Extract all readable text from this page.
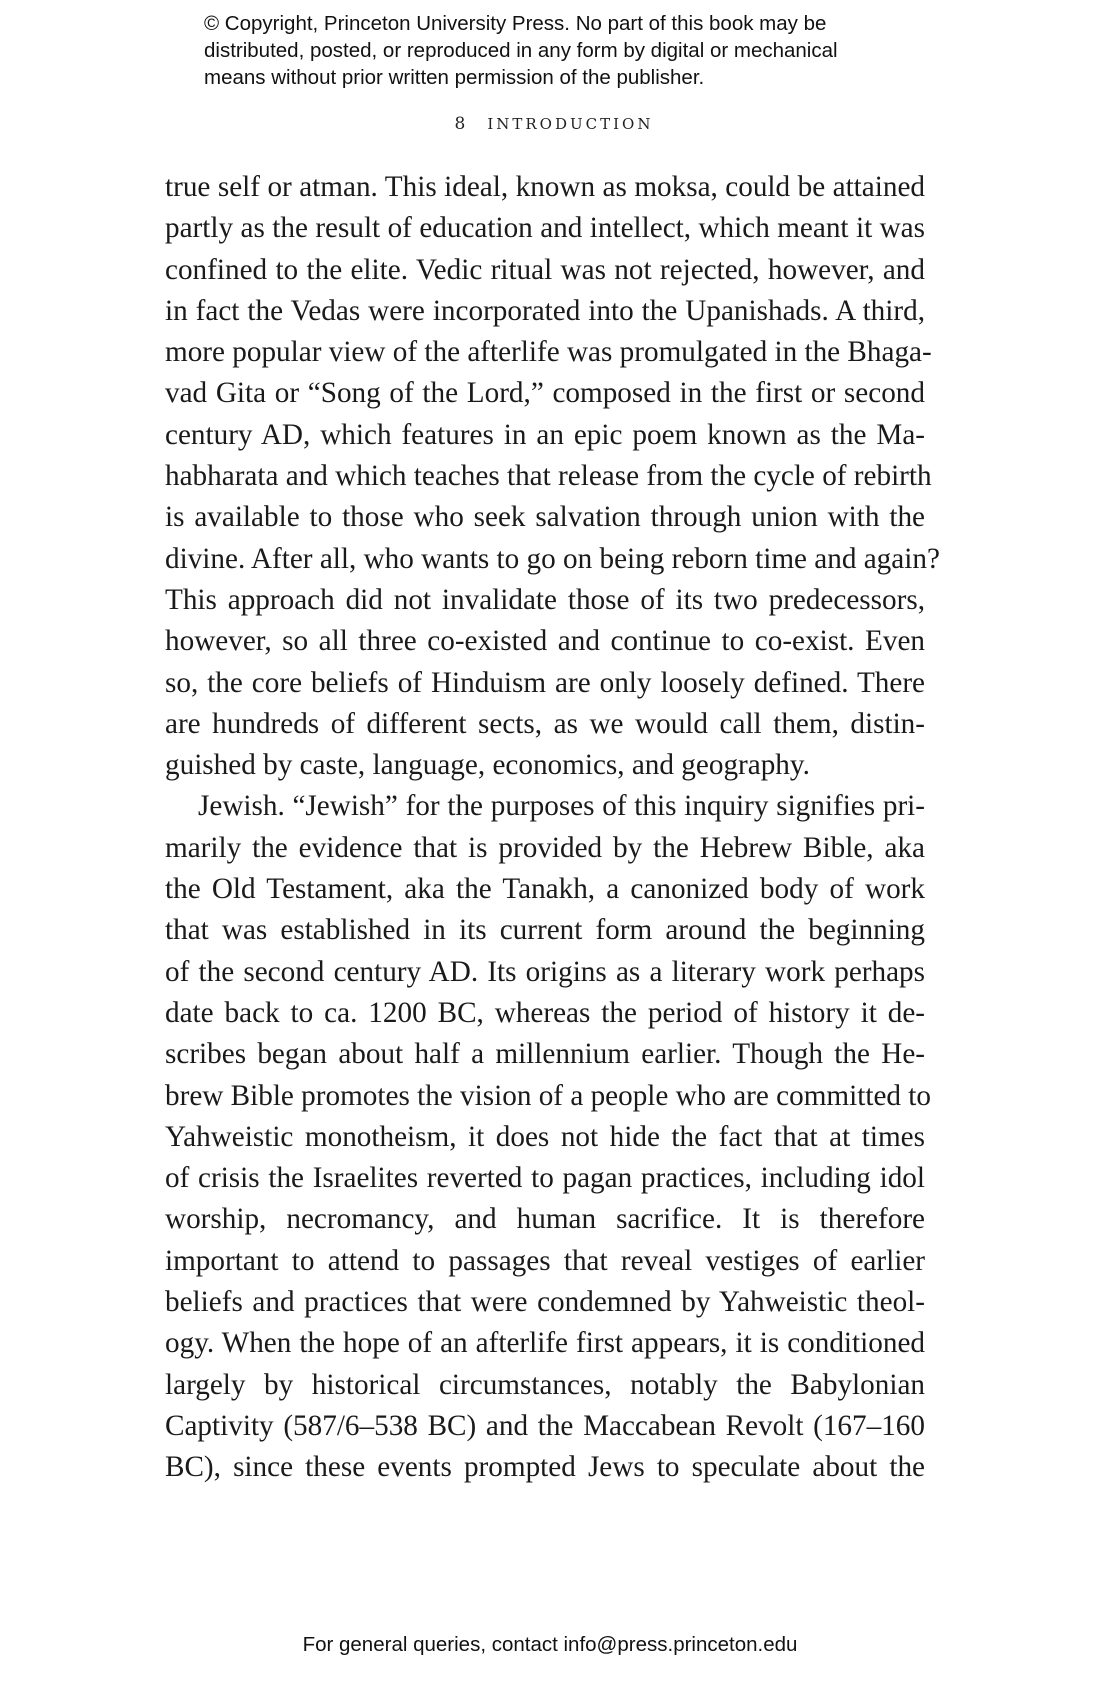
© Copyright, Princeton University Press. No part of this book may be
distributed, posted, or reproduced in any form by digital or mechanical
means without prior written permission of the publisher.
8 INTRODUCTION
true self or atman. This ideal, known as moksa, could be attained
partly as the result of education and intellect, which meant it was
confined to the elite. Vedic ritual was not rejected, however, and
in fact the Vedas were incorporated into the Upanishads. A third,
more popular view of the afterlife was promulgated in the Bhaga-
vad Gita or “Song of the Lord,” composed in the first or second
century AD, which features in an epic poem known as the Ma-
habharata and which teaches that release from the cycle of rebirth
is available to those who seek salvation through union with the
divine. After all, who wants to go on being reborn time and again?
This approach did not invalidate those of its two predecessors,
however, so all three co-existed and continue to co-exist. Even
so, the core beliefs of Hinduism are only loosely defined. There
are hundreds of different sects, as we would call them, distin-
guished by caste, language, economics, and geography.
Jewish. “Jewish” for the purposes of this inquiry signifies pri-
marily the evidence that is provided by the Hebrew Bible, aka
the Old Testament, aka the Tanakh, a canonized body of work
that was established in its current form around the beginning
of the second century AD. Its origins as a literary work perhaps
date back to ca. 1200 BC, whereas the period of history it de-
scribes began about half a millennium earlier. Though the He-
brew Bible promotes the vision of a people who are committed to
Yahweistic monotheism, it does not hide the fact that at times
of crisis the Israelites reverted to pagan practices, including idol
worship, necromancy, and human sacrifice. It is therefore
important to attend to passages that reveal vestiges of earlier
beliefs and practices that were condemned by Yahweistic theol-
ogy. When the hope of an afterlife first appears, it is conditioned
largely by historical circumstances, notably the Babylonian
Captivity (587/6–538 BC) and the Maccabean Revolt (167–160
BC), since these events prompted Jews to speculate about the
For general queries, contact info@press.princeton.edu
